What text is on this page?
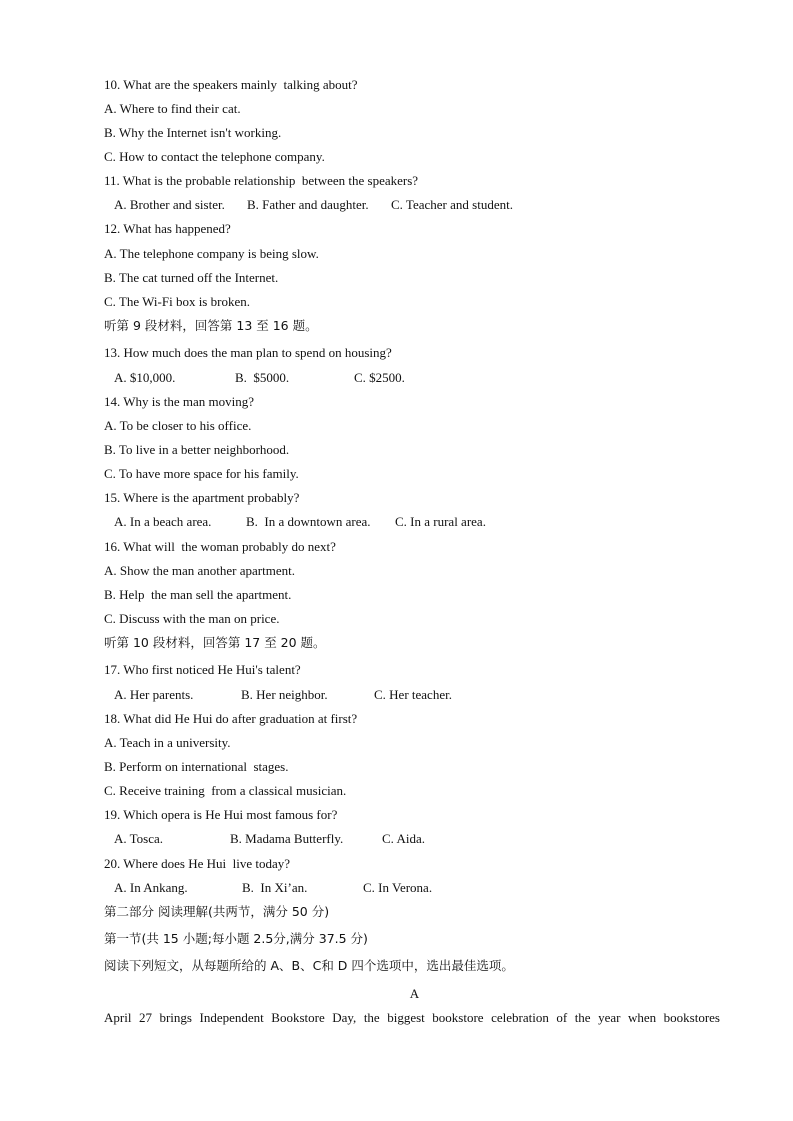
10. What are the speakers mainly  talking about?
A. Where to find their cat.
B. Why the Internet isn't working.
C. How to contact the telephone company.
11. What is the probable relationship  between the speakers?
A. Brother and sister. B. Father and daughter. C. Teacher and student.
12. What has happened?
A. The telephone company is being slow.
B. The cat turned off the Internet.
C. The Wi-Fi box is broken.
听第 9 段材料，回答第 13 至 16 题。
13. How much does the man plan to spend on housing?
A. $10,000.	B.  $5000.	C. $2500.
14. Why is the man moving?
A. To be closer to his office.
B. To live in a better neighborhood.
C. To have more space for his family.
15. Where is the apartment probably?
A. In a beach area.	B.  In a downtown area. C. In a rural area.
16. What will  the woman probably do next?
A. Show the man another apartment.
B. Help  the man sell the apartment.
C. Discuss with the man on price.
听第 10 段材料，回答第 17 至 20 题。
17. Who first noticed He Hui's talent?
A. Her parents.	B. Her neighbor.	C. Her teacher.
18. What did He Hui do after graduation at first?
A. Teach in a university.
B. Perform on international  stages.
C. Receive training  from a classical musician.
19. Which opera is He Hui most famous for?
A. Tosca.	B. Madama Butterfly.	C. Aida.
20. Where does He Hui  live today?
A. In Ankang.	B.  In Xi’an.	C. In Verona.
第二部分 阅读理解(共两节，满分 50 分)
第一节(共 15 小题;每小题 2.5分,满分 37.5 分)
阅读下列短文，从每题所给的 A、B、C和 D 四个选项中，选出最佳选项。
A
April 27 brings Independent Bookstore Day, the biggest bookstore celebration of the year when bookstores
